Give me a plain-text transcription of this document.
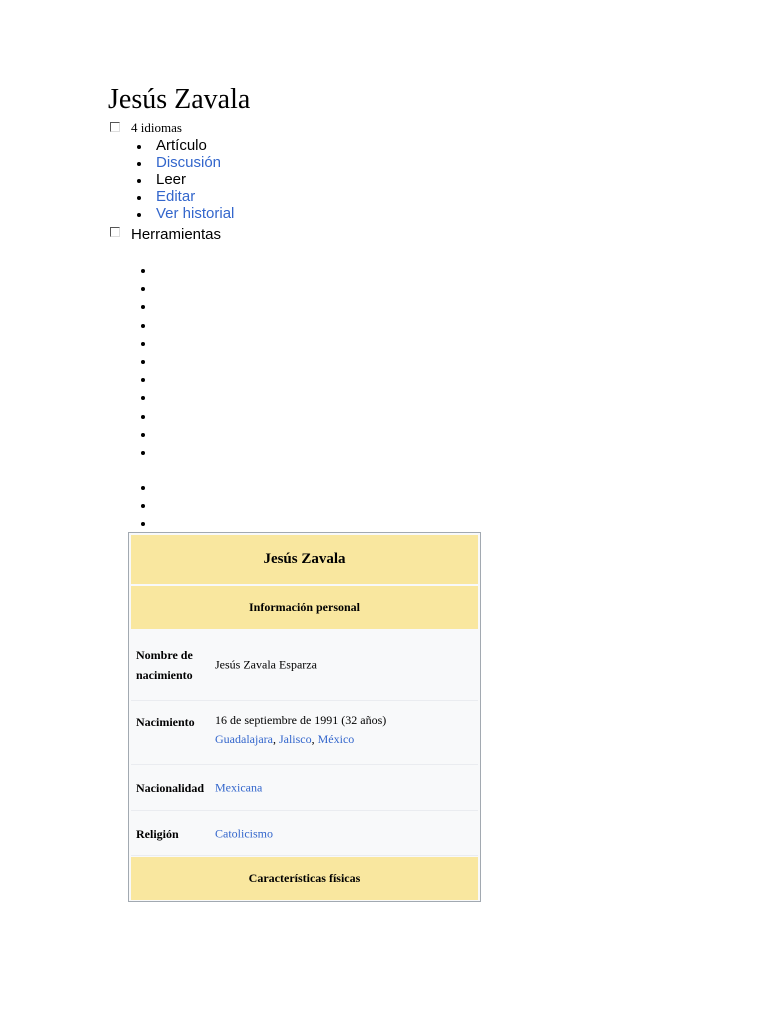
Jesús Zavala
4 idiomas
Artículo
Discusión
Leer
Editar
Ver historial
Herramientas
Jesús Zavala
Información personal
Nombre de nacimiento
Jesús Zavala Esparza
Nacimiento 16 de septiembre de 1991 (32 años)
Guadalajara, Jalisco, México
Nacionalidad Mexicana
Religión	Catolicismo
Características físicas
